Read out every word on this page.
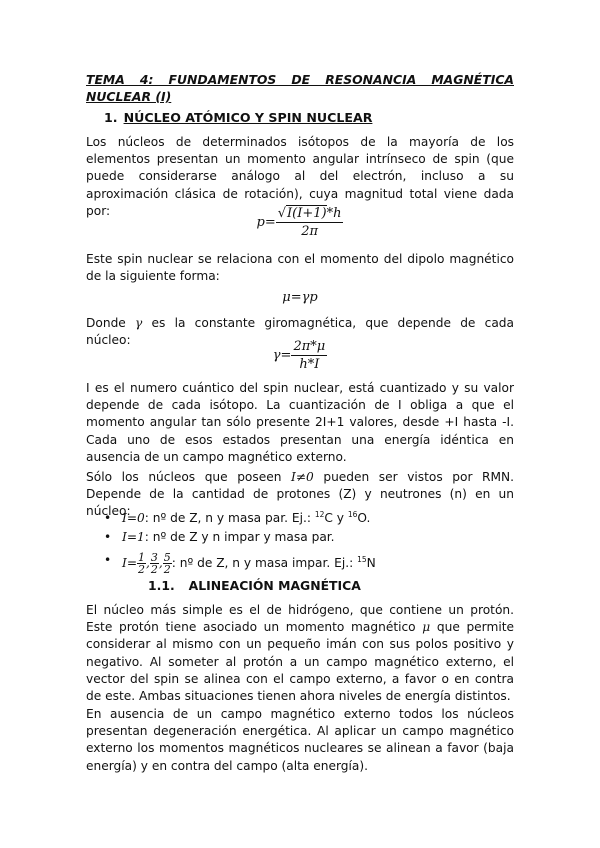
TEMA 4: FUNDAMENTOS DE RESONANCIA MAGNÉTICA NUCLEAR (I)
1. NÚCLEO ATÓMICO Y SPIN NUCLEAR

Los núcleos de determinados isótopos de la mayoría de los elementos presentan un momento angular intrínseco de spin (que puede considerarse análogo al del electrón, incluso a su aproximación clásica de rotación), cuya magnitud total viene dada por:

$p= \frac{√I(I+1)*h}{2\pi}$

Este spin nuclear se relaciona con el momento del dipolo magnético de la siguiente forma:

μ=γp

Donde γ es la constante giromagnética, que depende de cada núcleo:

$\gamma= \frac{2\pi*\mu}{h*I}$

I es el numero cuántico del spin nuclear, está cuantizado y su valor depende de cada isótopo. La cuantización de I obliga a que el momento angular tan sólo presente 2I+1 valores, desde +I hasta -I. Cada uno de esos estados presentan una energía idéntica en ausencia de un campo magnético externo.

Sólo los núcleos que poseen I≠0 pueden ser vistos por RMN. Depende de la cantidad de protones (Z) y neutrones (n) en un núcleo:

• I=0: nº de Z, n y masa par. Ej.: $^{12}$C y $^{16}$O.
• I=1: nº de Z y n impar y masa par.
• $I= \frac{1}{2}$ , $\frac{3}{2}$ , $\frac{5}{2}$ : nº de Z, n y masa impar. Ej.: $^{15}$N
1.1. ALINEACIÓN MAGNÉTICA

El núcleo más simple es el de hidrógeno, que contiene un protón. Este protón tiene asociado un momento magnético μ que permite considerar al mismo con un pequeño imán con sus polos positivo y negativo. Al someter al protón a un campo magnético externo, el vector del spin se alinea con el campo externo, a favor o en contra de este. Ambas situaciones tienen ahora niveles de energía distintos.

En ausencia de un campo magnético externo todos los núcleos presentan degeneración energética. Al aplicar un campo magnético externo los momentos magnéticos nucleares se alinean a favor (baja energía) y en contra del campo (alta energía).
